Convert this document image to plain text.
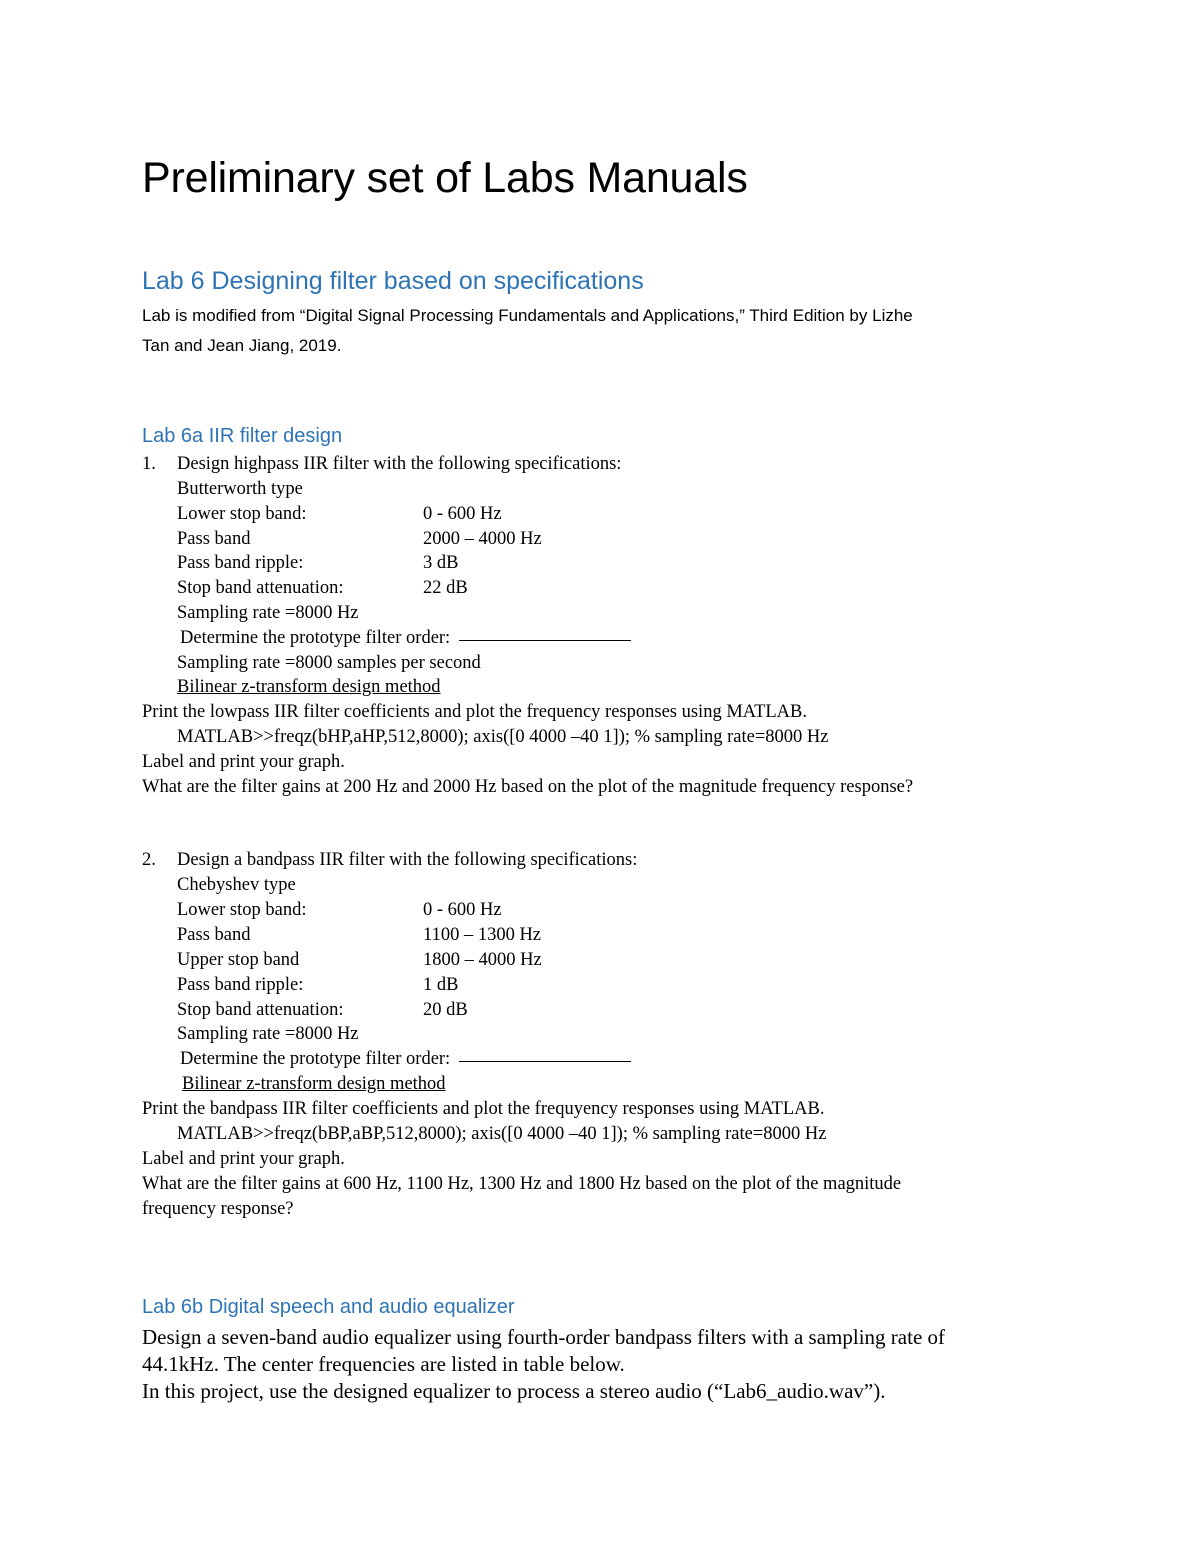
Preliminary set of Labs Manuals
Lab 6 Designing filter based on specifications
Lab is modified from “Digital Signal Processing Fundamentals and Applications,” Third Edition by Lizhe
Tan and Jean Jiang, 2019.
Lab 6a IIR filter design
1. Design highpass IIR filter with the following specifications:
Butterworth type
Lower stop band:	0 - 600 Hz
Pass band	2000 – 4000 Hz
Pass band ripple:	3 dB
Stop band attenuation:	22 dB
Sampling rate =8000 Hz
Determine the prototype filter order:
Sampling rate =8000 samples per second
Bilinear z-transform design method
Print the lowpass IIR filter coefficients and plot the frequency responses using MATLAB.
MATLAB>>freqz(bHP,aHP,512,8000); axis([0 4000 –40 1]); % sampling rate=8000 Hz
Label and print your graph.
What are the filter gains at 200 Hz and 2000 Hz based on the plot of the magnitude frequency response?
2. Design a bandpass IIR filter with the following specifications:
Chebyshev type
Lower stop band:	0 - 600 Hz
Pass band	1100 – 1300 Hz
Upper stop band	1800 – 4000 Hz
Pass band ripple:	1 dB
Stop band attenuation:	20 dB
Sampling rate =8000 Hz
Determine the prototype filter order:
Bilinear z-transform design method
Print the bandpass IIR filter coefficients and plot the frequyency responses using MATLAB.
MATLAB>>freqz(bBP,aBP,512,8000); axis([0 4000 –40 1]); % sampling rate=8000 Hz
Label and print your graph.
What are the filter gains at 600 Hz, 1100 Hz, 1300 Hz and 1800 Hz based on the plot of the magnitude
frequency response?
Lab 6b Digital speech and audio equalizer
Design a seven-band audio equalizer using fourth-order bandpass filters with a sampling rate of
44.1kHz. The center frequencies are listed in table below.
In this project, use the designed equalizer to process a stereo audio (“Lab6_audio.wav”).
